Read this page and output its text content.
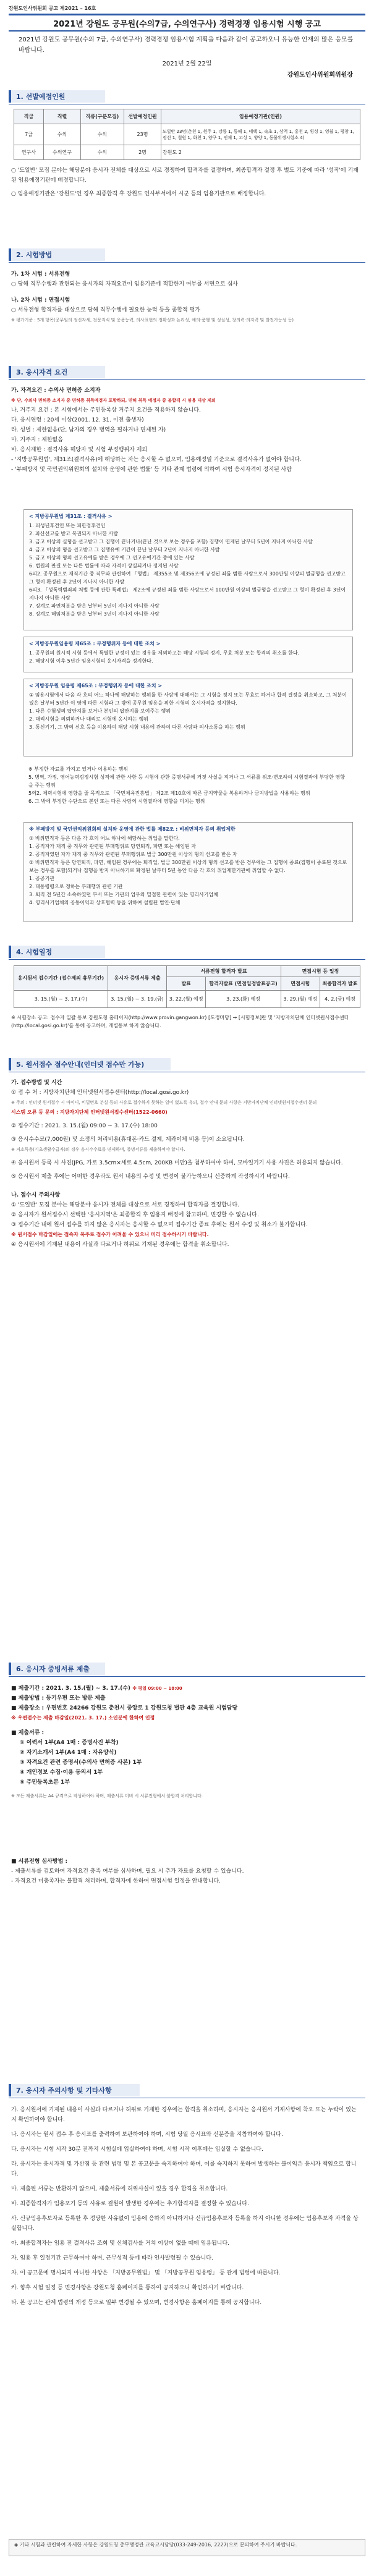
강원도인사위원회 공고 제2021 – 16호
2021년 강원도 공무원(수의7급, 수의연구사) 경력경쟁 임용시험 시행 공고
2021년 강원도 공무원(수의 7급, 수의연구사) 경력경쟁 임용시험 계획을 다음과 같이 공고하오니 유능한 인재의 많은 응모를 바랍니다.
2021년 2월 22일
강원도인사위원회위원장
1. 선발예정인원
직급	직렬	직류(구분모집)	선발예정인원	임용예정기관(인원)
7급	수의	수의	23명	도일반 23명(춘천 1, 원주 1, 강릉 1, 동해 1, 태백 1, 속초 1, 삼척 1, 홍천 2, 횡성 1, 영월 1, 평창 1, 정선 1, 철원 1, 화천 1, 양구 1, 인제 1, 고성 1, 양양 1, 동물위생시험소 4)
연구사	수의연구	수의	2명	강원도 2
○ '도일반' 모집 분야는 해당분야 응시자 전체를 대상으로 서로 경쟁하여 합격자를 결정하며, 최종합격자 결정 후 별도 기준에 따라 '성적'에 기재된 임용예정기관에 배정합니다.
○ 임용예정기관은 '강원도'인 경우 최종합격 후 강원도 인사부서에서 시군 등의 임용기관으로 배정합니다.
2. 시험방법
가. 1차 시험 : 서류전형
○ 당해 직무수행과 관련되는 응시자의 자격요건이 임용기준에 적합한지 여부를 서면으로 심사
나. 2차 시험 : 면접시험
○ 서류전형 합격자를 대상으로 당해 직무수행에 필요한 능력 등을 종합적 평가
※ 평가기준 : 5개 항목(공무원의 정신자세, 전문지식 및 응용능력, 의사표현의 정확성과 논리성, 예의·품행 및 성실성, 창의력·의지력 및 발전가능성 등)
3. 응시자격 요건
가. 자격요건 : 수의사 면허증 소지자
※ 단, 수의사 면허증 소지자 중 면허증 취득예정자 포함하되, 면허 취득 예정자 중 불합격 시 임용 대상 제외
나. 거주지 요건 : 본 시험에서는 주민등록상 거주지 요건을 적용하지 않습니다.
다. 응시연령 : 20세 이상(2001. 12. 31. 이전 출생자)
라. 성별 : 제한없음(단, 남자의 경우 병역을 필하거나 면제된 자)
마. 거주지 : 제한없음
바. 응시제한 : 결격사유 해당자 및 시험 부정행위자 제외
- '지방공무원법', 제31조(결격사유)에 해당하는 자는 응시할 수 없으며, 임용예정일 기준으로 결격사유가 없어야 합니다.
- '부패방지 및 국민권익위원회의 설치와 운영에 관한 법률' 등 기타 관계 법령에 의하여 시험 응시자격이 정지된 사람
< 지방공무원법 제31조 : 결격사유 >
1. 피성년후견인 또는 피한정후견인
2. 파산선고를 받고 복권되지 아니한 사람
3. 금고 이상의 실형을 선고받고 그 집행이 끝나거나(끝난 것으로 보는 경우를 포함) 집행이 면제된 날부터 5년이 지나지 아니한 사람
4. 금고 이상의 형을 선고받고 그 집행유예 기간이 끝난 날부터 2년이 지나지 아니한 사람
5. 금고 이상의 형의 선고유예를 받은 경우에 그 선고유예기간 중에 있는 사람
6. 법원의 판결 또는 다른 법률에 따라 자격이 상실되거나 정지된 사람
6의2. 공무원으로 재직기간 중 직무와 관련하여 「형법」 제355조 및 제356조에 규정된 죄를 범한 사람으로서 300만원 이상의 벌금형을 선고받고 그 형이 확정된 후 2년이 지나지 아니한 사람
6의3. 「성폭력범죄의 처벌 등에 관한 특례법」 제2조에 규정된 죄를 범한 사람으로서 100만원 이상의 벌금형을 선고받고 그 형이 확정된 후 3년이 지나지 아니한 사람
7. 징계로 파면처분을 받은 날부터 5년이 지나지 아니한 사람
8. 징계로 해임처분을 받은 날부터 3년이 지나지 아니한 사람
< 지방공무원임용령 제65조 : 부정행위자 등에 대한 조치 >
1. 공무원의 원시적 시험 등에서 특별한 규정이 있는 경우를 제외하고는 해당 시험의 정지, 무효 처분 또는 합격의 취소를 한다.
2. 해당시험 이후 5년간 임용시험의 응시자격을 정지한다.
< 지방공무원 임용령 제65조 : 부정행위자 등에 대한 조치 >
① 임용시험에서 다음 각 호의 어느 하나에 해당하는 행위를 한 사람에 대해서는 그 시험을 정지 또는 무효로 하거나 합격 결정을 취소하고, 그 처분이 있은 날부터 5년간 이 영에 따른 시험과 그 밖에 공무원 임용을 위한 시험의 응시자격을 정지한다.
1. 다른 수험생의 답안지를 보거나 본인의 답안지를 보여주는 행위
2. 대리시험을 의뢰하거나 대리로 시험에 응시하는 행위
3. 통신기기, 그 밖의 신호 등을 이용하여 해당 시험 내용에 관하여 다른 사람과 의사소통을 하는 행위
※ 부정한 자료를 가지고 있거나 이용하는 행위
5. 병역, 가점, 영어능력검정시험 성적에 관한 사항 등 시험에 관한 증명서류에 거짓 사실을 적거나 그 서류를 위조·변조하여 시험결과에 부당한 영향을 주는 행위
5의2. 체력시험에 영향을 줄 목적으로 「국민체육진흥법」 제2조 제10호에 따른 금지약물을 복용하거나 금지방법을 사용하는 행위
6. 그 밖에 부정한 수단으로 본인 또는 다른 사람의 시험결과에 영향을 미치는 행위
※ 부패방지 및 국민권익위원회의 설치와 운영에 관한 법률 제82조 : 비위면직자 등의 취업제한
① 비위면직자 등은 다음 각 호의 어느 하나에 해당하는 취업을 말한다.
1. 공직자가 재직 중 직무와 관련된 부패행위로 당연퇴직, 파면 또는 해임된 자
2. 공직자였던 자가 재직 중 직무와 관련된 부패행위로 벌금 300만원 이상의 형의 선고를 받은 자
② 비위면직자 등은 당연퇴직, 파면, 해임된 경우에는 퇴직일, 벌금 300만원 이상의 형의 선고를 받은 경우에는 그 집행이 종료(집행이 종료된 것으로 보는 경우를 포함)되거나 집행을 받지 아니하기로 확정된 날부터 5년 동안 다음 각 호의 취업제한기관에 취업할 수 없다.
1. 공공기관
2. 대통령령으로 정하는 부패행위 관련 기관
3. 퇴직 전 5년간 소속하였던 부서 또는 기관의 업무와 밀접한 관련이 있는 영리사기업체
4. 영리사기업체의 공동이익과 상호협력 등을 위하여 설립된 법인·단체
4. 시험일정
응시원서 접수기간 (접수제외 휴무기간)	응시자 증빙서류 제출	서류전형 합격자 발표		면접시험 등 일정	
		발표	합격자발표 (면접일정발표공고)	면접시험	최종합격자 발표
3. 15.(월) ~ 3. 17.(수)	3. 15.(월) ~ 3. 19.(금)	3. 22.(월) 예정	3. 23.(화) 예정	3. 29.(월) 예정	4. 2.(금) 예정
※ 시험장소 공고: 접수자 일괄 통보 강원도청 홈페이지(http://www.provin.gangwon.kr) [도정마당] → [시험정보]란 및 '지방자치단체 인터넷원서접수센터(http://local.gosi.go.kr)'를 통해 공고하며, 개별통보 하지 않습니다.
5. 원서접수 접수안내(인터넷 접수만 가능)
가. 접수방법 및 시간
① 접 수 처 : 지방자치단체 인터넷원서접수센터(http://local.gosi.go.kr)
※ 주의 : 인터넷 원서접수 시 아이디, 비밀번호 분실 등의 사유로 접수하지 못하는 일이 없도록 유의, 접수 안내 문의 사항은 지방자치단체 인터넷원서접수센터 문의
시스템 오류 등 문의 : 지방자치단체 인터넷원서접수센터(1522-0660)
② 접수기간 : 2021. 3. 15.(월) 09:00 ~ 3. 17.(수) 18:00
③ 응시수수료(7,000원) 및 소정의 처리비용(휴대폰·카드 결제, 계좌이체 비용 등)이 소요됩니다.
※ 저소득층(기초생활수급자)의 경우 응시수수료를 면제하며, 증명서류를 제출하여야 합니다.
④ 응시원서 등록 시 사진(JPG, 가로 3.5cm×세로 4.5cm, 200KB 미만)을 첨부하여야 하며, 모바일기기 사용 사진은 허용되지 않습니다.
⑤ 응시원서 제출 후에는 어떠한 경우라도 원서 내용의 수정 및 변경이 불가능하오니 신중하게 작성하시기 바랍니다.
나. 접수시 주의사항
① '도일반' 모집 분야는 해당분야 응시자 전체를 대상으로 서로 경쟁하여 합격자를 결정합니다.
② 응시자가 원서접수시 선택한 '응시지역'은 최종합격 후 임용지 배정에 참고하며, 변경할 수 없습니다.
③ 접수기간 내에 원서 접수를 하지 않은 응시자는 응시할 수 없으며 접수기간 종료 후에는 원서 수정 및 취소가 불가합니다.
※ 원서접수 마감일에는 접속자 폭주로 접수가 어려울 수 있으니 미리 접수하시기 바랍니다.
④ 응시원서에 기재된 내용이 사실과 다르거나 허위로 기재된 경우에는 합격을 취소합니다.
6. 응시자 증빙서류 제출
■ 제출기간 : 2021. 3. 15.(월) ~ 3. 17.(수) ※ 평일 09:00 ~ 18:00
■ 제출방법 : 등기우편 또는 방문 제출
■ 제출장소 : 우편번호 24266 강원도 춘천시 중앙로 1 강원도청 별관 4층 교육원 시험담당
※ 우편접수는 제출 마감일(2021. 3. 17.) 소인분에 한하여 인정
■ 제출서류 :
① 이력서 1부(A4 1매 : 증명사진 부착)
② 자기소개서 1부(A4 1매 : 자유양식)
③ 자격요건 관련 증명서(수의사 면허증 사본) 1부
④ 개인정보 수집·이용 동의서 1부
⑤ 주민등록초본 1부
※ 모든 제출서류는 A4 규격으로 작성하여야 하며, 제출서류 미비 시 서류전형에서 불합격 처리합니다.
■ 서류전형 심사방법 :
- 제출서류를 검토하여 자격요건 충족 여부를 심사하며, 필요 시 추가 자료를 요청할 수 있습니다.
- 자격요건 미충족자는 불합격 처리하며, 합격자에 한하여 면접시험 일정을 안내합니다.
7. 응시자 주의사항 및 기타사항
가. 응시원서에 기재된 내용이 사실과 다르거나 허위로 기재한 경우에는 합격을 취소하며, 응시자는 응시원서 기재사항에 착오 또는 누락이 있는지 확인하여야 합니다.
나. 응시자는 원서 접수 후 응시표를 출력하여 보관하여야 하며, 시험 당일 응시표와 신분증을 지참하여야 합니다.
다. 응시자는 시험 시작 30분 전까지 시험실에 입실하여야 하며, 시험 시작 이후에는 입실할 수 없습니다.
라. 응시자는 응시자격 및 가산점 등 관련 법령 및 본 공고문을 숙지하여야 하며, 이를 숙지하지 못하여 발생하는 불이익은 응시자 책임으로 합니다.
마. 제출된 서류는 반환하지 않으며, 제출서류에 허위사실이 있을 경우 합격을 취소합니다.
바. 최종합격자가 임용포기 등의 사유로 결원이 발생한 경우에는 추가합격자를 결정할 수 있습니다.
사. 신규임용후보자로 등록한 후 정당한 사유없이 임용에 응하지 아니하거나 신규임용후보자 등록을 하지 아니한 경우에는 임용후보자 자격을 상실합니다.
아. 최종합격자는 임용 전 결격사유 조회 및 신체검사를 거쳐 이상이 없을 때에 임용됩니다.
자. 임용 후 일정기간 근무하여야 하며, 근무성적 등에 따라 인사발령될 수 있습니다.
차. 이 공고문에 명시되지 아니한 사항은 「지방공무원법」 및 「지방공무원 임용령」 등 관계 법령에 따릅니다.
카. 향후 시험 일정 등 변경사항은 강원도청 홈페이지를 통하여 공지하오니 확인하시기 바랍니다.
타. 본 공고는 관계 법령의 개정 등으로 일부 변경될 수 있으며, 변경사항은 홈페이지를 통해 공지합니다.
◈ 기타 시험과 관련하여 자세한 사항은 강원도청 총무행정관 교육고시담당(033-249-2016, 2227)으로 문의하여 주시기 바랍니다.
